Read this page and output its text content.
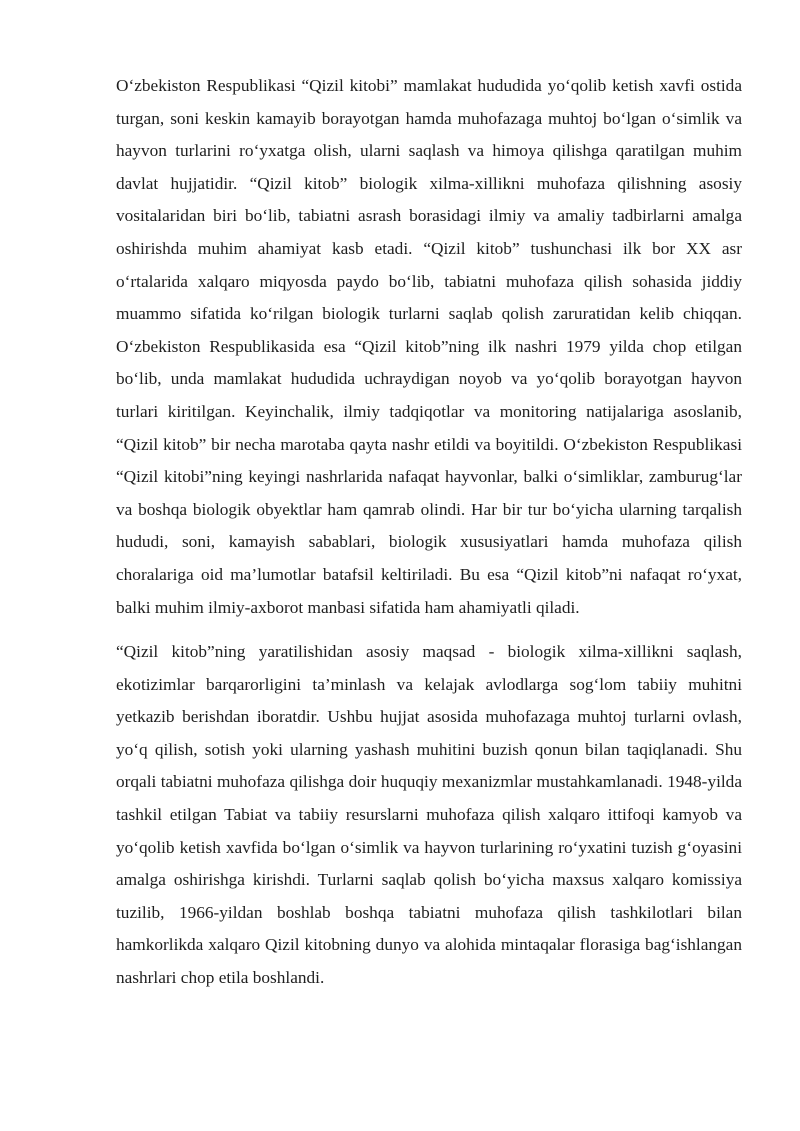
O‘zbekiston Respublikasi “Qizil kitobi” mamlakat hududida yo‘qolib ketish xavfi ostida turgan, soni keskin kamayib borayotgan hamda muhofazaga muhtoj bo‘lgan o‘simlik va hayvon turlarini ro‘yxatga olish, ularni saqlash va himoya qilishga qaratilgan muhim davlat hujjatidir. “Qizil kitob” biologik xilma-xillikni muhofaza qilishning asosiy vositalaridan biri bo‘lib, tabiatni asrash borasidagi ilmiy va amaliy tadbirlarni amalga oshirishda muhim ahamiyat kasb etadi. “Qizil kitob” tushunchasi ilk bor XX asr o‘rtalarida xalqaro miqyosda paydo bo‘lib, tabiatni muhofaza qilish sohasida jiddiy muammo sifatida ko‘rilgan biologik turlarni saqlab qolish zaruratidan kelib chiqqan. O‘zbekiston Respublikasida esa “Qizil kitob”ning ilk nashri 1979 yilda chop etilgan bo‘lib, unda mamlakat hududida uchraydigan noyob va yo‘qolib borayotgan hayvon turlari kiritilgan. Keyinchalik, ilmiy tadqiqotlar va monitoring natijalariga asoslanib, “Qizil kitob” bir necha marotaba qayta nashr etildi va boyitildi. O‘zbekiston Respublikasi “Qizil kitobi”ning keyingi nashrlarida nafaqat hayvonlar, balki o‘simliklar, zamburug‘lar va boshqa biologik obyektlar ham qamrab olindi. Har bir tur bo‘yicha ularning tarqalish hududi, soni, kamayish sabablari, biologik xususiyatlari hamda muhofaza qilish choralariga oid ma’lumotlar batafsil keltiriladi. Bu esa “Qizil kitob”ni nafaqat ro‘yxat, balki muhim ilmiy-axborot manbasi sifatida ham ahamiyatli qiladi.

“Qizil kitob”ning yaratilishidan asosiy maqsad - biologik xilma-xillikni saqlash, ekotizimlar barqarorligini ta’minlash va kelajak avlodlarga sog‘lom tabiiy muhitni yetkazib berishdan iboratdir. Ushbu hujjat asosida muhofazaga muhtoj turlarni ovlash, yo‘q qilish, sotish yoki ularning yashash muhitini buzish qonun bilan taqiqlanadi. Shu orqali tabiatni muhofaza qilishga doir huquqiy mexanizmlar mustahkamlanadi. 1948-yilda tashkil etilgan Tabiat va tabiiy resurslarni muhofaza qilish xalqaro ittifoqi kamyob va yo‘qolib ketish xavfida bo‘lgan o‘simlik va hayvon turlarining ro‘yxatini tuzish g‘oyasini amalga oshirishga kirishdi. Turlarni saqlab qolish bo‘yicha maxsus xalqaro komissiya tuzilib, 1966-yildan boshlab boshqa tabiatni muhofaza qilish tashkilotlari bilan hamkorlikda xalqaro Qizil kitobning dunyo va alohida mintaqalar florasiga bag‘ishlangan nashrlari chop etila boshlandi.
